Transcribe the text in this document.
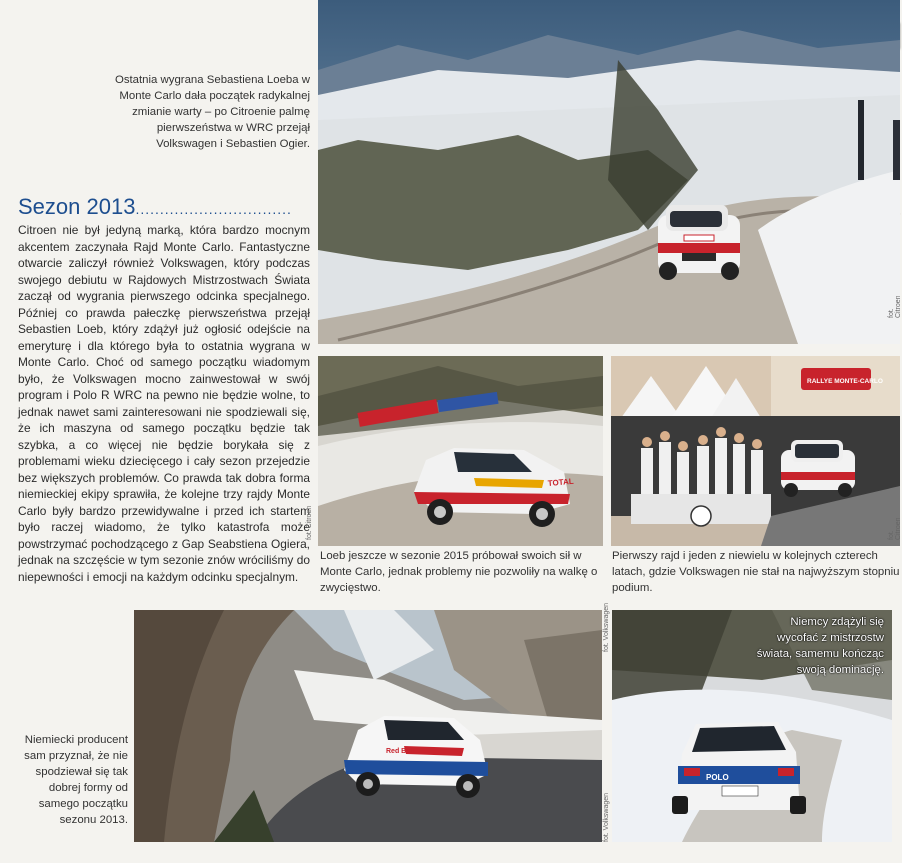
fot. Citroen
Ostatnia wygrana Sebastiena Loeba w Monte Carlo dała początek radykalnej zmianie warty – po Citroenie palmę pierwszeństwa w WRC przejął Volkswagen i Sebastien Ogier.
Sezon 2013................................
Citroen nie był jedyną marką, która bardzo mocnym akcentem zaczynała Rajd Monte Carlo. Fantastyczne otwarcie zaliczył również Volkswagen, który podczas swojego debiutu w Rajdowych Mistrzostwach Świata zaczął od wygrania pierwszego odcinka specjalnego. Później co prawda pałeczkę pierwszeństwa przejął Sebastien Loeb, który zdążył już ogłosić odejście na emeryturę i dla którego była to ostatnia wygrana w Monte Carlo. Choć od samego początku wiadomym było, że Volkswagen mocno zainwestował w swój program i Polo R WRC na pewno nie będzie wolne, to jednak nawet sami zainteresowani nie spodziewali się, że ich maszyna od samego początku będzie tak szybka, a co więcej nie będzie borykała się z problemami wieku dziecięcego i cały sezon przejedzie bez większych problemów. Co prawda tak dobra forma niemieckiej ekipy sprawiła, że kolejne trzy rajdy Monte Carlo były bardzo przewidywalne i przed ich startem było raczej wiadomo, że tylko katastrofa może powstrzymać pochodzącego z Gap Seabstiena Ogiera, jednak na szczęście w tym sezonie znów wróciliśmy do niepewności i emocji na każdym odcinku specjalnym.
TOTAL
fot. Citroen
RALLYE MONTE-CARLO
fot. Citroen
Loeb jeszcze w sezonie 2015 próbował swoich sił w Monte Carlo, jednak problemy nie pozwoliły na walkę o zwycięstwo.
Pierwszy rajd i jeden z niewielu w kolejnych czterech latach, gdzie Volkswagen nie stał na najwyższym stopniu podium.
Red Bull
fot. Volkswagen
Niemiecki producent sam przyznał, że nie spodziewał się tak dobrej formy od samego początku sezonu 2013.
POLO
Niemcy zdążyli się wycofać z mistrzostw świata, samemu kończąc swoją dominację.
fot. Volkswagen
